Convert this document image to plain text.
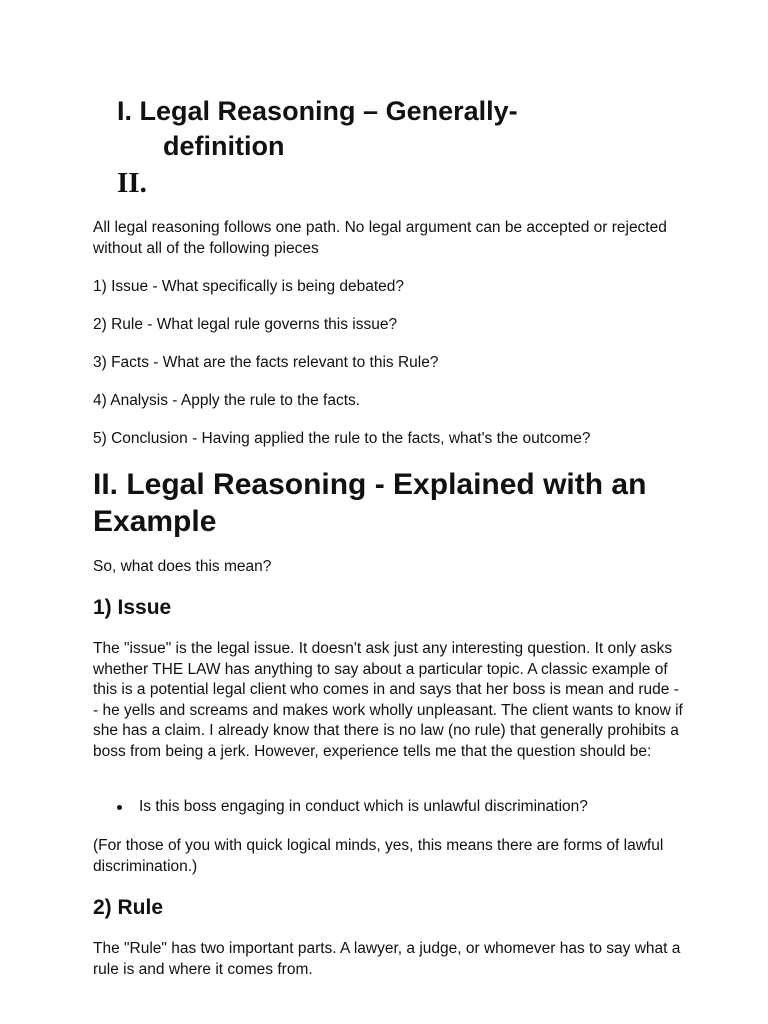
I. Legal Reasoning – Generally-
definition
II.

All legal reasoning follows one path. No legal argument can be accepted or rejected without all of the following pieces

1) Issue - What specifically is being debated?

2) Rule - What legal rule governs this issue?

3) Facts - What are the facts relevant to this Rule?

4) Analysis - Apply the rule to the facts.

5) Conclusion - Having applied the rule to the facts, what's the outcome?

II. Legal Reasoning - Explained with an Example

So, what does this mean?

1) Issue

The "issue" is the legal issue. It doesn't ask just any interesting question. It only asks whether THE LAW has anything to say about a particular topic. A classic example of this is a potential legal client who comes in and says that her boss is mean and rude -- he yells and screams and makes work wholly unpleasant. The client wants to know if she has a claim. I already know that there is no law (no rule) that generally prohibits a boss from being a jerk. However, experience tells me that the question should be:

Is this boss engaging in conduct which is unlawful discrimination?

(For those of you with quick logical minds, yes, this means there are forms of lawful discrimination.)

2) Rule

The "Rule" has two important parts. A lawyer, a judge, or whomever has to say what a rule is and where it comes from.
